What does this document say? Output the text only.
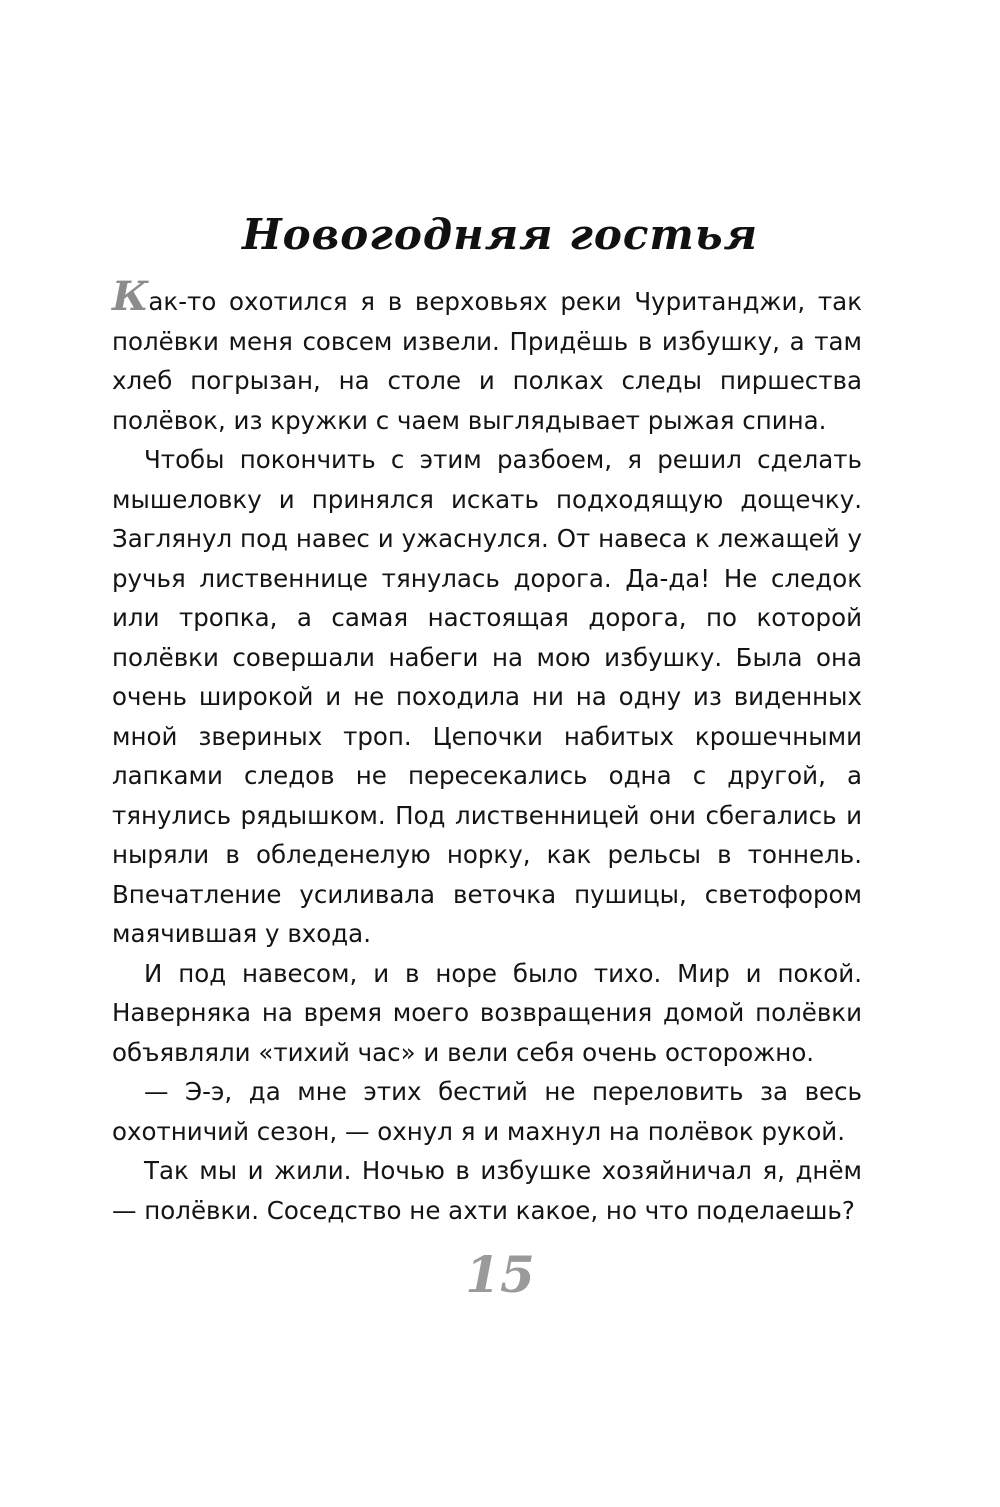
Новогодняя гостья

Как-то охотился я в верховьях реки Чуританджи, так полёвки меня совсем извели. Придёшь в избушку, а там хлеб погрызан, на столе и полках следы пиршества полёвок, из кружки с чаем выглядывает рыжая спина.

Чтобы покончить с этим разбоем, я решил сделать мышеловку и принялся искать подходящую дощечку. Заглянул под навес и ужаснулся. От навеса к лежащей у ручья лиственнице тянулась дорога. Да-да! Не следок или тропка, а самая настоящая дорога, по которой полёвки совершали набеги на мою избушку. Была она очень широкой и не походила ни на одну из виденных мной звериных троп. Цепочки набитых крошечными лапками следов не пересекались одна с другой, а тянулись рядышком. Под лиственницей они сбегались и ныряли в обледенелую норку, как рельсы в тоннель. Впечатление усиливала веточка пушицы, светофором маячившая у входа.

И под навесом, и в норе было тихо. Мир и покой. Наверняка на время моего возвращения домой полёвки объявляли «тихий час» и вели себя очень осторожно.

— Э-э, да мне этих бестий не переловить за весь охотничий сезон, — охнул я и махнул на полёвок рукой.

Так мы и жили. Ночью в избушке хозяйничал я, днём — полёвки. Соседство не ахти какое, но что поделаешь?

15
